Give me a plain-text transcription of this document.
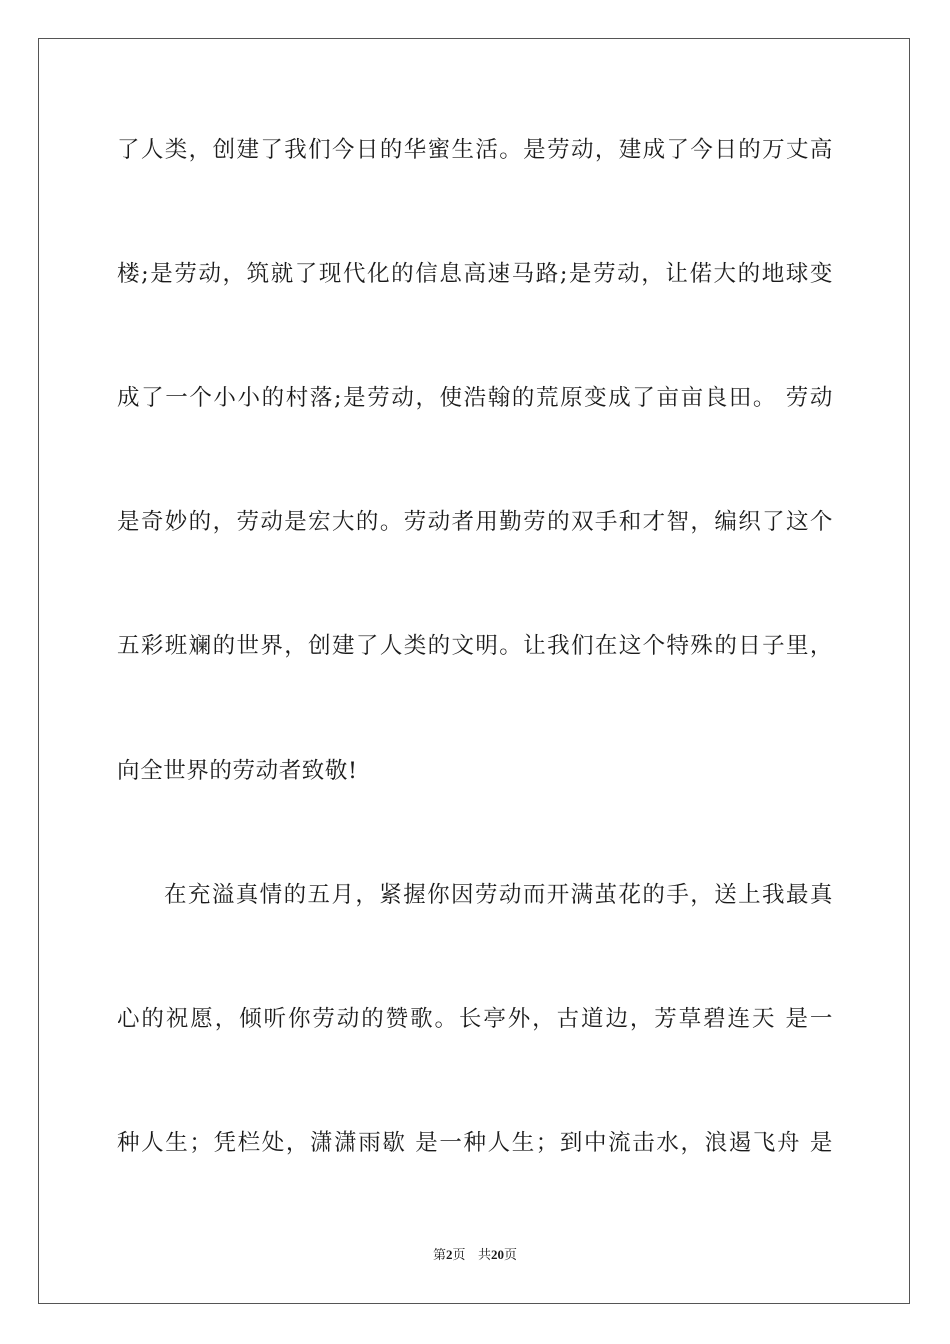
了人类，创建了我们今日的华蜜生活。是劳动，建成了今日的万丈高
楼;是劳动，筑就了现代化的信息高速马路;是劳动，让偌大的地球变
成了一个小小的村落;是劳动，使浩翰的荒原变成了亩亩良田。 劳动
是奇妙的，劳动是宏大的。劳动者用勤劳的双手和才智，编织了这个
五彩班斓的世界，创建了人类的文明。让我们在这个特殊的日子里，
向全世界的劳动者致敬!
在充溢真情的五月，紧握你因劳动而开满茧花的手，送上我最真
心的祝愿，倾听你劳动的赞歌。长亭外，古道边，芳草碧连天 是一
种人生；凭栏处，潇潇雨歇 是一种人生；到中流击水，浪遏飞舟 是
第2页   共20页
